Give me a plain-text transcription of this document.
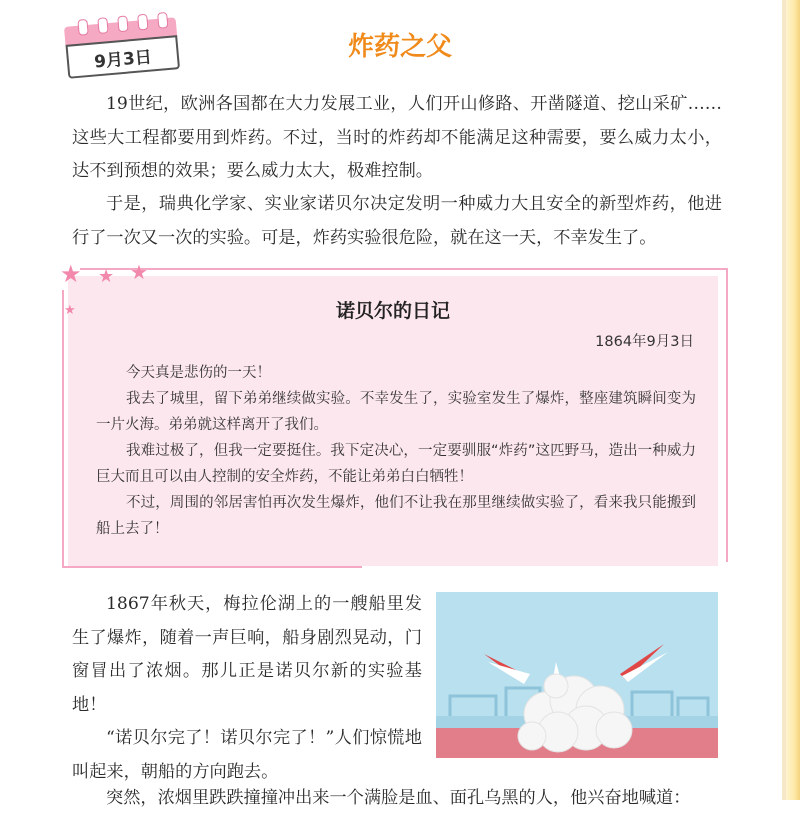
9月3日	炸药之父

19世纪，欧洲各国都在大力发展工业，人们开山修路、开凿隧道、挖山采矿……这些大工程都要用到炸药。不过，当时的炸药却不能满足这种需要，要么威力太小，达不到预想的效果；要么威力太大，极难控制。

于是，瑞典化学家、实业家诺贝尔决定发明一种威力大且安全的新型炸药，他进行了一次又一次的实验。可是，炸药实验很危险，就在这一天，不幸发生了。

★ ★ ★
★	诺贝尔的日记
1864年9月3日

今天真是悲伤的一天！

我去了城里，留下弟弟继续做实验。不幸发生了，实验室发生了爆炸，整座建筑瞬间变为一片火海。弟弟就这样离开了我们。

我难过极了，但我一定要挺住。我下定决心，一定要驯服“炸药”这匹野马，造出一种威力巨大而且可以由人控制的安全炸药，不能让弟弟白白牺牲！

不过，周围的邻居害怕再次发生爆炸，他们不让我在那里继续做实验了，看来我只能搬到船上去了！

1867年秋天，梅拉伦湖上的一艘船里发生了爆炸，随着一声巨响，船身剧烈晃动，门窗冒出了浓烟。那儿正是诺贝尔新的实验基地！

“诺贝尔完了！诺贝尔完了！”人们惊慌地叫起来，朝船的方向跑去。

突然，浓烟里跌跌撞撞冲出来一个满脸是血、面孔乌黑的人，他兴奋地喊道：
